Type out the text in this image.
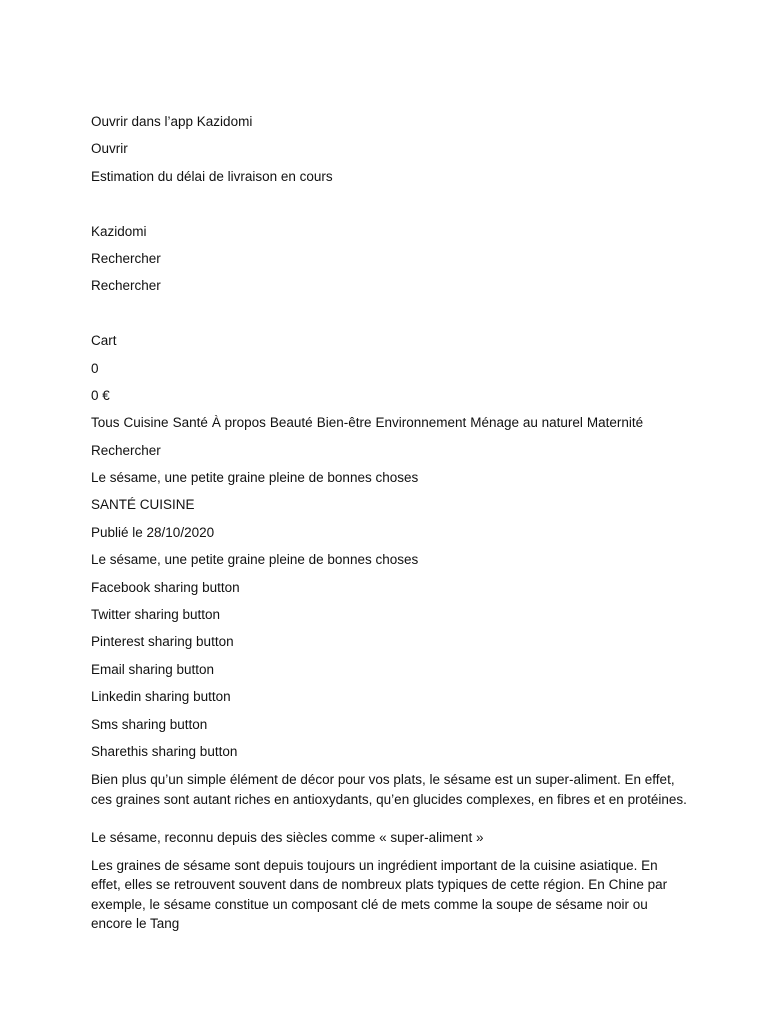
Ouvrir dans l’app Kazidomi
Ouvrir
Estimation du délai de livraison en cours
Kazidomi
Rechercher
Rechercher
Cart
0
0 €
Tous Cuisine Santé À propos Beauté Bien-être Environnement Ménage au naturel Maternité
Rechercher
Le sésame, une petite graine pleine de bonnes choses
SANTÉ CUISINE
Publié le 28/10/2020
Le sésame, une petite graine pleine de bonnes choses
Facebook sharing button
Twitter sharing button
Pinterest sharing button
Email sharing button
Linkedin sharing button
Sms sharing button
Sharethis sharing button

Bien plus qu’un simple élément de décor pour vos plats, le sésame est un super-aliment. En effet, ces graines sont autant riches en antioxydants, qu’en glucides complexes, en fibres et en protéines.

Le sésame, reconnu depuis des siècles comme « super-aliment »

Les graines de sésame sont depuis toujours un ingrédient important de la cuisine asiatique. En effet, elles se retrouvent souvent dans de nombreux plats typiques de cette région. En Chine par exemple, le sésame constitue un composant clé de mets comme la soupe de sésame noir ou encore le Tang
